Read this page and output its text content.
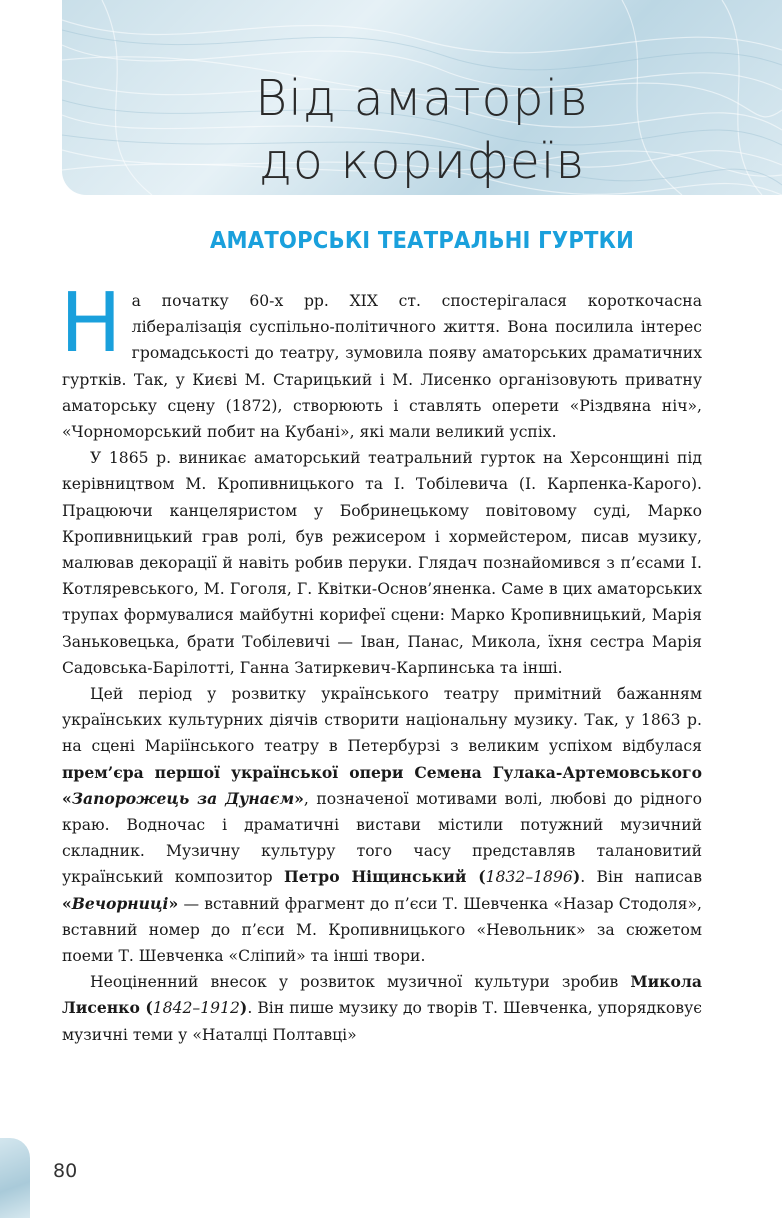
Від аматорів
до корифеїв
АМАТОРСЬКІ ТЕАТРАЛЬНІ ГУРТКИ

На початку 60-х рр. ХІХ ст. спостерігалася короткочасна лібералізація суспільно-політичного життя. Вона посилила інтерес громадськості до театру, зумовила появу аматорських драматичних гуртків. Так, у Києві М. Старицький і М. Лисенко організовують приватну аматорську сцену (1872), створюють і ставлять оперети «Різдвяна ніч», «Чорноморський побит на Кубані», які мали великий успіх.

У 1865 р. виникає аматорський театральний гурток на Херсонщині під керівництвом М. Кропивницького та І. Тобілевича (І. Карпенка-Карого). Працюючи канцеляристом у Бобринецькому повітовому суді, Марко Кропивницький грав ролі, був режисером і хормейстером, писав музику, малював декорації й навіть робив перуки. Глядач познайомився з п’єсами І. Котляревського, М. Гоголя, Г. Квітки-Основ’яненка. Саме в цих аматорських трупах формувалися майбутні корифеї сцени: Марко Кропивницький, Марія Заньковецька, брати Тобілевичі — Іван, Панас, Микола, їхня сестра Марія Садовська-Барілотті, Ганна Затиркевич-Карпинська та інші.

Цей період у розвитку українського театру примітний бажанням українських культурних діячів створити національну музику. Так, у 1863 р. на сцені Маріїнського театру в Петербурзі з великим успіхом відбулася прем’єра першої української опери Семена Гулака-Артемовського «Запорожець за Дунаєм», позначеної мотивами волі, любові до рідного краю. Водночас і драматичні вистави містили потужний музичний складник. Музичну культуру того часу представляв талановитий український композитор Петро Ніщинський (1832–1896). Він написав «Вечорниці» — вставний фрагмент до п’єси Т. Шевченка «Назар Стодоля», вставний номер до п’єси М. Кропивницького «Невольник» за сюжетом поеми Т. Шевченка «Сліпий» та інші твори.

Неоціненний внесок у розвиток музичної культури зробив Микола Лисенко (1842–1912). Він пише музику до творів Т. Шевченка, упорядковує музичні теми у «Наталці Полтавці»

80
